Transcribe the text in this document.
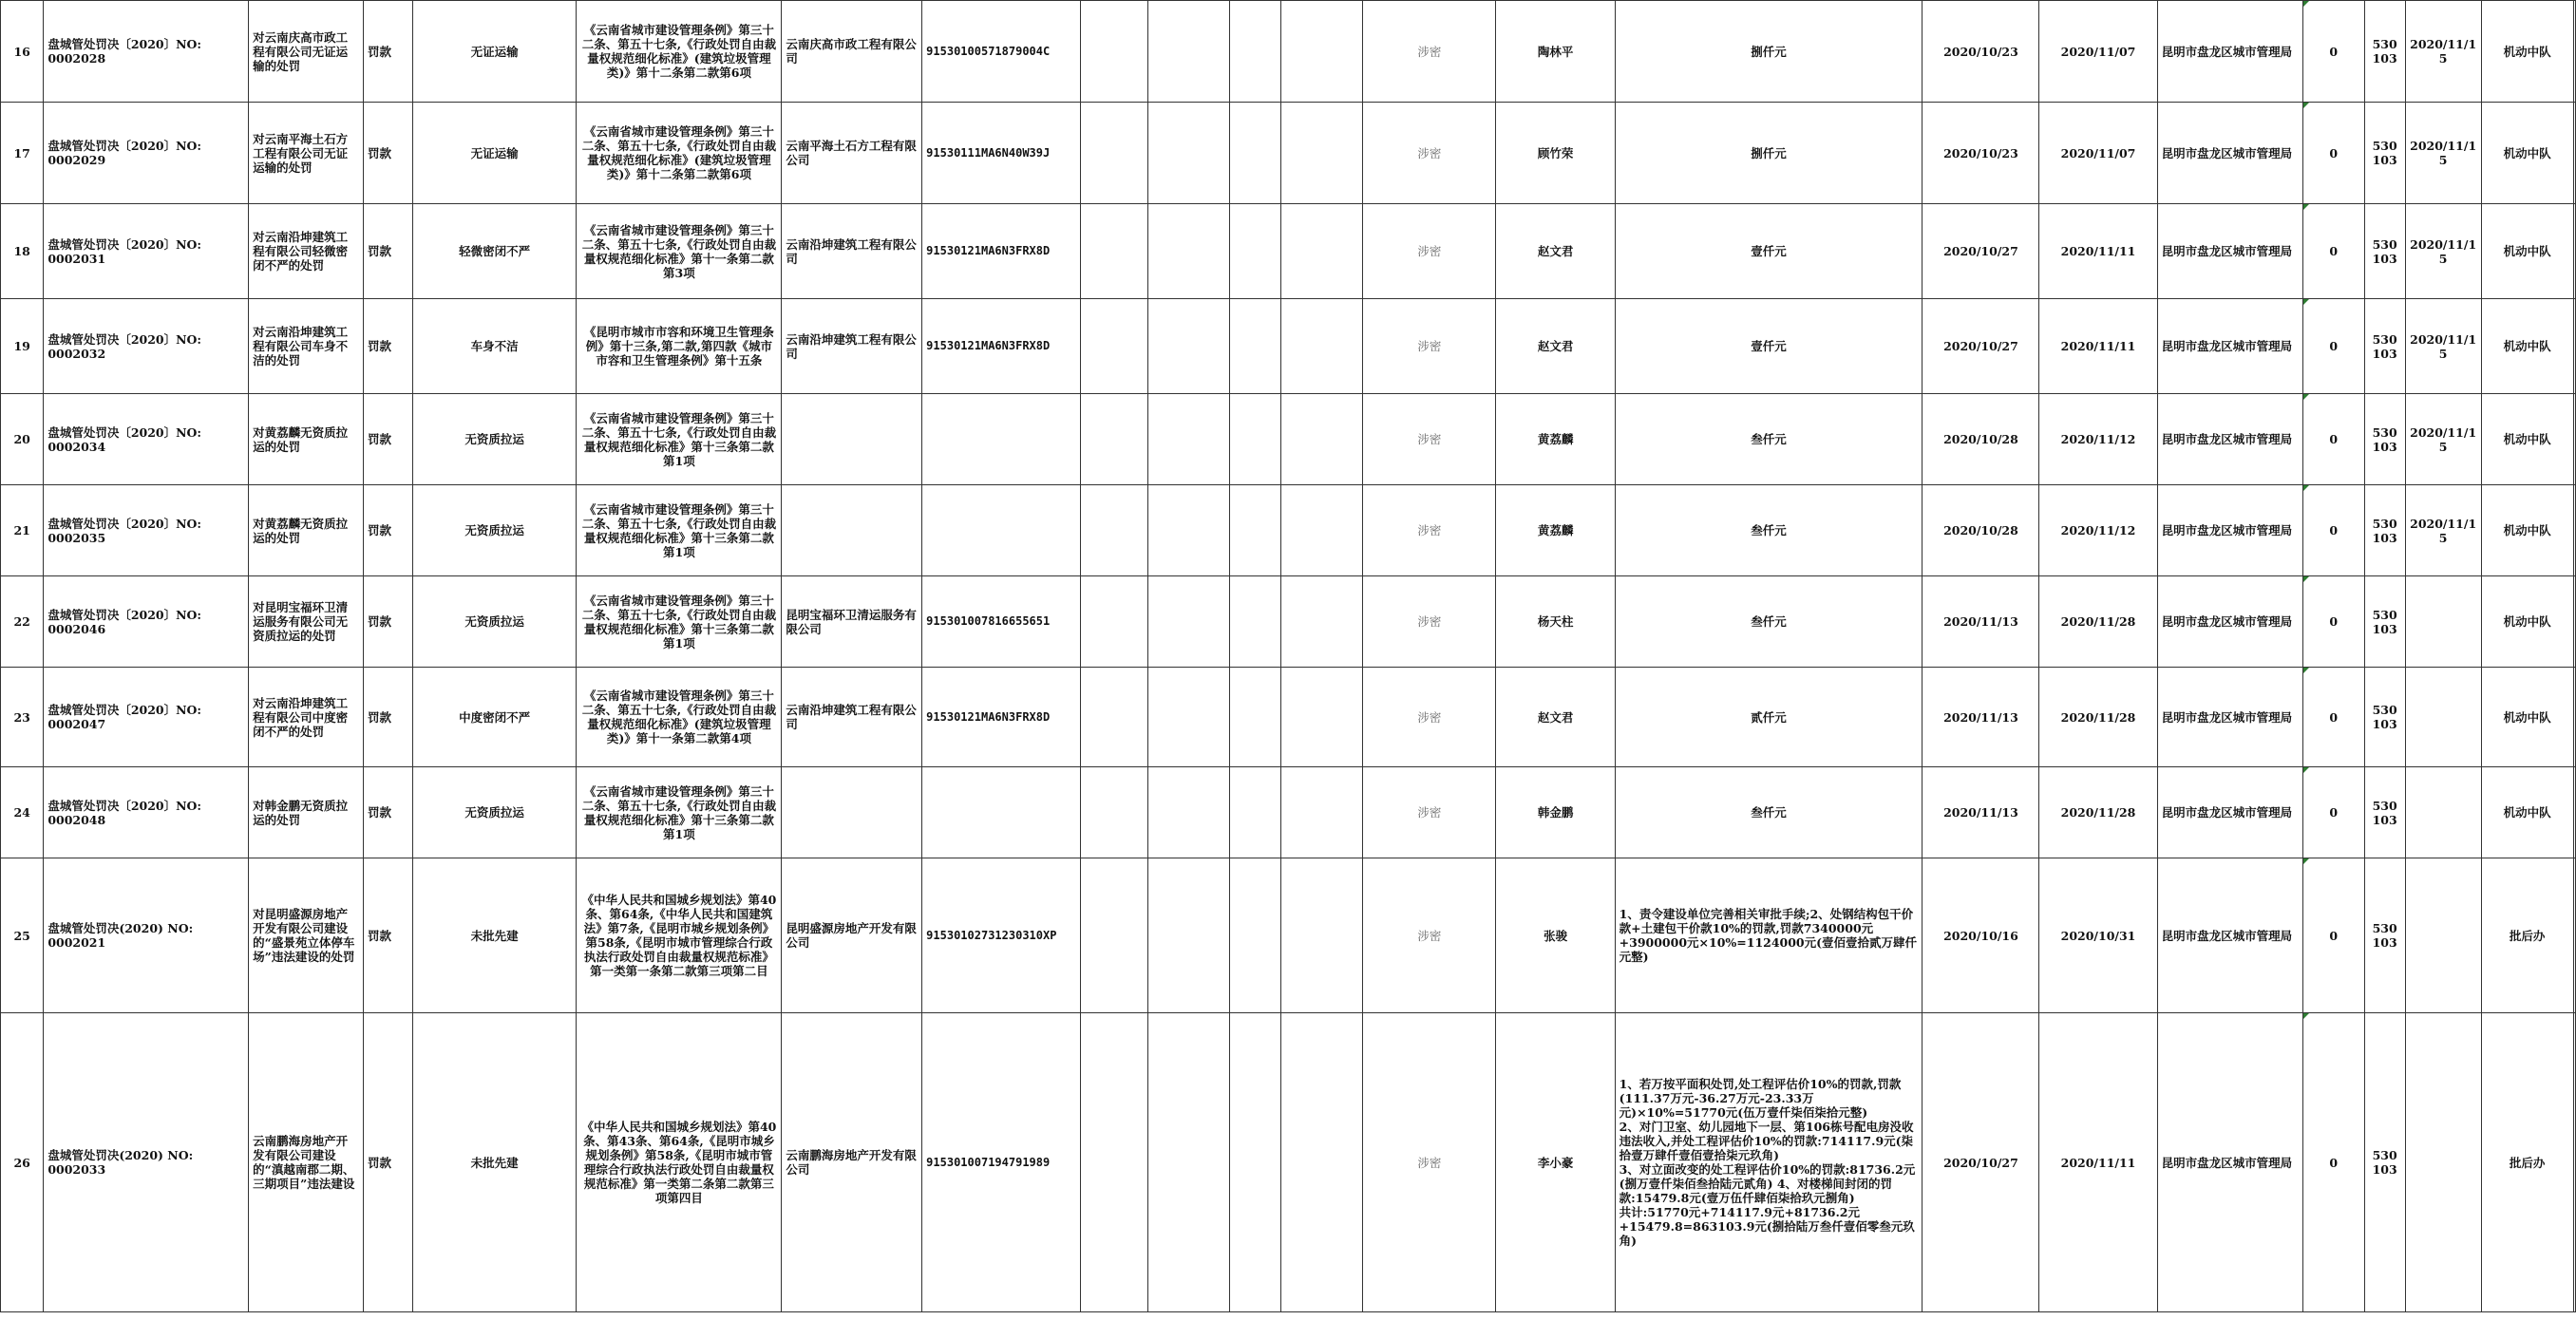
16	盘城管处罚决〔2020〕NO: 0002028	对云南庆高市政工程有限公司无证运输的处罚	罚款	无证运输	《云南省城市建设管理条例》第三十二条、第五十七条,《行政处罚自由裁量权规范细化标准》(建筑垃圾管理类)》第十二条第二款第6项	云南庆高市政工程有限公司	91530100571879004C					涉密	陶林平	捌仟元	2020/10/23	2020/11/07	昆明市盘龙区城市管理局	0	530103	2020/11/15	机动中队	
17	盘城管处罚决〔2020〕NO: 0002029	对云南平海土石方工程有限公司无证运输的处罚	罚款	无证运输	《云南省城市建设管理条例》第三十二条、第五十七条,《行政处罚自由裁量权规范细化标准》(建筑垃圾管理类)》第十二条第二款第6项	云南平海土石方工程有限公司	91530111MA6N40W39J					涉密	顾竹荣	捌仟元	2020/10/23	2020/11/07	昆明市盘龙区城市管理局	0	530103	2020/11/15	机动中队	
18	盘城管处罚决〔2020〕NO: 0002031	对云南沿坤建筑工程有限公司轻微密闭不严的处罚	罚款	轻微密闭不严	《云南省城市建设管理条例》第三十二条、第五十七条,《行政处罚自由裁量权规范细化标准》第十一条第二款第3项	云南沿坤建筑工程有限公司	91530121MA6N3FRX8D					涉密	赵文君	壹仟元	2020/10/27	2020/11/11	昆明市盘龙区城市管理局	0	530103	2020/11/15	机动中队	
19	盘城管处罚决〔2020〕NO: 0002032	对云南沿坤建筑工程有限公司车身不洁的处罚	罚款	车身不洁	《昆明市城市市容和环境卫生管理条例》第十三条,第二款,第四款《城市市容和卫生管理条例》第十五条	云南沿坤建筑工程有限公司	91530121MA6N3FRX8D					涉密	赵文君	壹仟元	2020/10/27	2020/11/11	昆明市盘龙区城市管理局	0	530103	2020/11/15	机动中队	
20	盘城管处罚决〔2020〕NO: 0002034	对黄荔麟无资质拉运的处罚	罚款	无资质拉运	《云南省城市建设管理条例》第三十二条、第五十七条,《行政处罚自由裁量权规范细化标准》第十三条第二款第1项							涉密	黄荔麟	叁仟元	2020/10/28	2020/11/12	昆明市盘龙区城市管理局	0	530103	2020/11/15	机动中队	
21	盘城管处罚决〔2020〕NO: 0002035	对黄荔麟无资质拉运的处罚	罚款	无资质拉运	《云南省城市建设管理条例》第三十二条、第五十七条,《行政处罚自由裁量权规范细化标准》第十三条第二款第1项							涉密	黄荔麟	叁仟元	2020/10/28	2020/11/12	昆明市盘龙区城市管理局	0	530103	2020/11/15	机动中队	
22	盘城管处罚决〔2020〕NO: 0002046	对昆明宝福环卫清运服务有限公司无资质拉运的处罚	罚款	无资质拉运	《云南省城市建设管理条例》第三十二条、第五十七条,《行政处罚自由裁量权规范细化标准》第十三条第二款第1项	昆明宝福环卫清运服务有限公司	915301007816655651					涉密	杨天柱	叁仟元	2020/11/13	2020/11/28	昆明市盘龙区城市管理局	0	530103		机动中队	
23	盘城管处罚决〔2020〕NO: 0002047	对云南沿坤建筑工程有限公司中度密闭不严的处罚	罚款	中度密闭不严	《云南省城市建设管理条例》第三十二条、第五十七条,《行政处罚自由裁量权规范细化标准》(建筑垃圾管理类)》第十一条第二款第4项	云南沿坤建筑工程有限公司	91530121MA6N3FRX8D					涉密	赵文君	贰仟元	2020/11/13	2020/11/28	昆明市盘龙区城市管理局	0	530103		机动中队	
24	盘城管处罚决〔2020〕NO: 0002048	对韩金鹏无资质拉运的处罚	罚款	无资质拉运	《云南省城市建设管理条例》第三十二条、第五十七条,《行政处罚自由裁量权规范细化标准》第十三条第二款第1项							涉密	韩金鹏	叁仟元	2020/11/13	2020/11/28	昆明市盘龙区城市管理局	0	530103		机动中队	
25	盘城管处罚决(2020) NO: 0002021	对昆明盛源房地产开发有限公司建设的“盛景苑立体停车场”违法建设的处罚	罚款	未批先建	《中华人民共和国城乡规划法》第40条、第64条,《中华人民共和国建筑法》第7条,《昆明市城乡规划条例》第58条,《昆明市城市管理综合行政执法行政处罚自由裁量权规范标准》第一类第一条第二款第三项第二目	昆明盛源房地产开发有限公司	91530102731230310XP					涉密	张骏	1、责令建设单位完善相关审批手续;2、处钢结构包干价款+土建包干价款10%的罚款,罚款7340000元+3900000元×10%=1124000元(壹佰壹拾贰万肆仟元整)	2020/10/16	2020/10/31	昆明市盘龙区城市管理局	0	530103		批后办	
26	盘城管处罚决(2020) NO: 0002033	云南鹏海房地产开发有限公司建设的“滇越南郡二期、三期项目”违法建设	罚款	未批先建	《中华人民共和国城乡规划法》第40条、第43条、第64条,《昆明市城乡规划条例》第58条,《昆明市城市管理综合行政执法行政处罚自由裁量权规范标准》第一类第二条第二款第三项第四目	云南鹏海房地产开发有限公司	915301007194791989					涉密	李小豪	1、若万按平面积处罚,处工程评估价10%的罚款,罚款(111.37万元-36.27万元-23.33万元)×10%=51770元(伍万壹仟柒佰柒拾元整)
2、对门卫室、幼儿园地下一层、第106栋号配电房没收违法收入,并处工程评估价10%的罚款:714117.9元(柒拾壹万肆仟壹佰壹拾柒元玖角)
3、对立面改变的处工程评估价10%的罚款:81736.2元(捌万壹仟柒佰叁拾陆元贰角) 4、对楼梯间封闭的罚款:15479.8元(壹万伍仟肆佰柒拾玖元捌角)
共计:51770元+714117.9元+81736.2元+15479.8=863103.9元(捌拾陆万叁仟壹佰零叁元玖角)	2020/10/27	2020/11/11	昆明市盘龙区城市管理局	0	530103		批后办	
